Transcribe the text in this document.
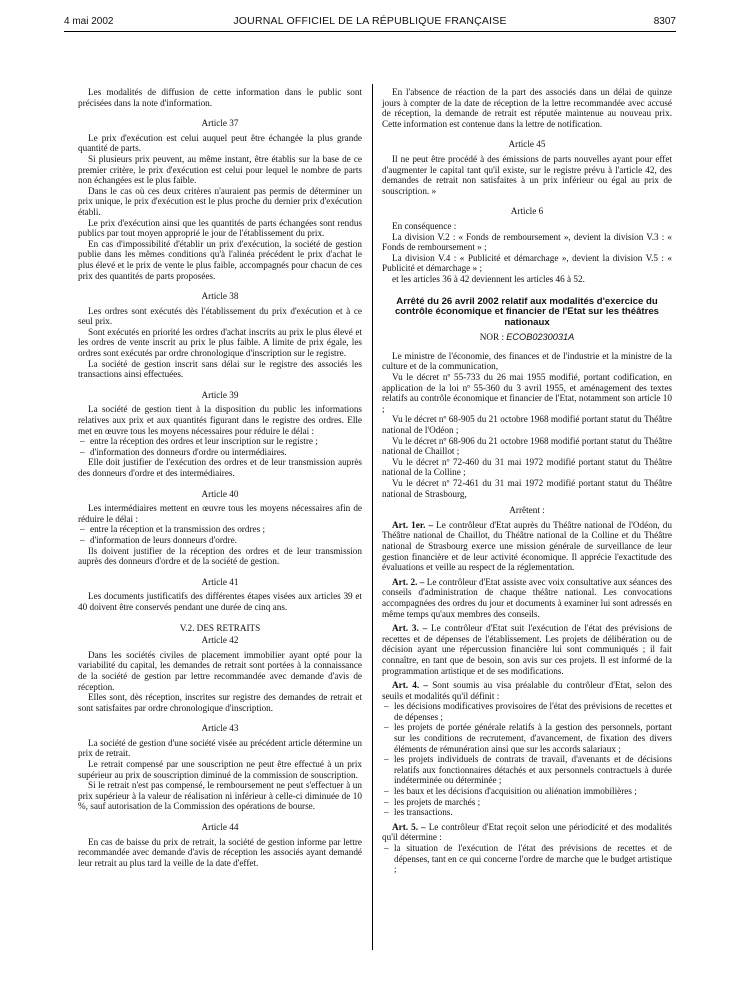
4 mai 2002	JOURNAL OFFICIEL DE LA RÉPUBLIQUE FRANÇAISE	8307

Les modalités de diffusion de cette information dans le public sont précisées dans la note d'information.

Article 37

Le prix d'exécution est celui auquel peut être échangée la plus grande quantité de parts.

Si plusieurs prix peuvent, au même instant, être établis sur la base de ce premier critère, le prix d'exécution est celui pour lequel le nombre de parts non échangées est le plus faible.

Dans le cas où ces deux critères n'auraient pas permis de déterminer un prix unique, le prix d'exécution est le plus proche du dernier prix d'exécution établi.

Le prix d'exécution ainsi que les quantités de parts échangées sont rendus publics par tout moyen approprié le jour de l'établissement du prix.

En cas d'impossibilité d'établir un prix d'exécution, la société de gestion publie dans les mêmes conditions qu'à l'alinéa précédent le prix d'achat le plus élevé et le prix de vente le plus faible, accompagnés pour chacun de ces prix des quantités de parts proposées.

Article 38

Les ordres sont exécutés dès l'établissement du prix d'exécution et à ce seul prix.

Sont exécutés en priorité les ordres d'achat inscrits au prix le plus élevé et les ordres de vente inscrit au prix le plus faible. A limite de prix égale, les ordres sont exécutés par ordre chronologique d'inscription sur le registre.

La société de gestion inscrit sans délai sur le registre des associés les transactions ainsi effectuées.

Article 39

La société de gestion tient à la disposition du public les informations relatives aux prix et aux quantités figurant dans le registre des ordres. Elle met en œuvre tous les moyens nécessaires pour réduire le délai :

– entre la réception des ordres et leur inscription sur le registre ;

– d'information des donneurs d'ordre ou intermédiaires.

Elle doit justifier de l'exécution des ordres et de leur transmission auprès des donneurs d'ordre et des intermédiaires.

Article 40

Les intermédiaires mettent en œuvre tous les moyens nécessaires afin de réduire le délai :

– entre la réception et la transmission des ordres ;

– d'information de leurs donneurs d'ordre.

Ils doivent justifier de la réception des ordres et de leur transmission auprès des donneurs d'ordre et de la société de gestion.

Article 41

Les documents justificatifs des différentes étapes visées aux articles 39 et 40 doivent être conservés pendant une durée de cinq ans.

V.2. DES RETRAITS

Article 42

Dans les sociétés civiles de placement immobilier ayant opté pour la variabilité du capital, les demandes de retrait sont portées à la connaissance de la société de gestion par lettre recommandée avec demande d'avis de réception.

Elles sont, dès réception, inscrites sur registre des demandes de retrait et sont satisfaites par ordre chronologique d'inscription.

Article 43

La société de gestion d'une société visée au précédent article détermine un prix de retrait.

Le retrait compensé par une souscription ne peut être effectué à un prix supérieur au prix de souscription diminué de la commission de souscription.

Si le retrait n'est pas compensé, le remboursement ne peut s'effectuer à un prix supérieur à la valeur de réalisation ni inférieur à celle-ci diminuée de 10 %, sauf autorisation de la Commission des opérations de bourse.

Article 44

En cas de baisse du prix de retrait, la société de gestion informe par lettre recommandée avec demande d'avis de réception les associés ayant demandé leur retrait au plus tard la veille de la date d'effet.

En l'absence de réaction de la part des associés dans un délai de quinze jours à compter de la date de réception de la lettre recommandée avec accusé de réception, la demande de retrait est réputée maintenue au nouveau prix. Cette information est contenue dans la lettre de notification.

Article 45

Il ne peut être procédé à des émissions de parts nouvelles ayant pour effet d'augmenter le capital tant qu'il existe, sur le registre prévu à l'article 42, des demandes de retrait non satisfaites à un prix inférieur ou égal au prix de souscription. »

Article 6

En conséquence :

La division V.2 : « Fonds de remboursement », devient la division V.3 : « Fonds de remboursement » ;

La division V.4 : « Publicité et démarchage », devient la division V.5 : « Publicité et démarchage » ;

et les articles 36 à 42 deviennent les articles 46 à 52.

Arrêté du 26 avril 2002 relatif aux modalités d'exercice du contrôle économique et financier de l'Etat sur les théâtres nationaux

NOR : ECOB0230031A

Le ministre de l'économie, des finances et de l'industrie et la ministre de la culture et de la communication,

Vu le décret nº 55-733 du 26 mai 1955 modifié, portant codification, en application de la loi nº 55-360 du 3 avril 1955, et aménagement des textes relatifs au contrôle économique et financier de l'Etat, notamment son article 10 ;

Vu le décret nº 68-905 du 21 octobre 1968 modifié portant statut du Théâtre national de l'Odéon ;

Vu le décret nº 68-906 du 21 octobre 1968 modifié portant statut du Théâtre national de Chaillot ;

Vu le décret nº 72-460 du 31 mai 1972 modifié portant statut du Théâtre national de la Colline ;

Vu le décret nº 72-461 du 31 mai 1972 modifié portant statut du Théâtre national de Strasbourg,

Arrêtent :

Art. 1er. – Le contrôleur d'Etat auprès du Théâtre national de l'Odéon, du Théâtre national de Chaillot, du Théâtre national de la Colline et du Théâtre national de Strasbourg exerce une mission générale de surveillance de leur gestion financière et de leur activité économique. Il apprécie l'exactitude des évaluations et veille au respect de la réglementation.

Art. 2. – Le contrôleur d'Etat assiste avec voix consultative aux séances des conseils d'administration de chaque théâtre national. Les convocations accompagnées des ordres du jour et documents à examiner lui sont adressés en même temps qu'aux membres des conseils.

Art. 3. – Le contrôleur d'Etat suit l'exécution de l'état des prévisions de recettes et de dépenses de l'établissement. Les projets de délibération ou de décision ayant une répercussion financière lui sont communiqués ; il fait connaître, en tant que de besoin, son avis sur ces projets. Il est informé de la programmation artistique et de ses modifications.

Art. 4. – Sont soumis au visa préalable du contrôleur d'Etat, selon des seuils et modalités qu'il définit :

– les décisions modificatives provisoires de l'état des prévisions de recettes et de dépenses ;

– les projets de portée générale relatifs à la gestion des personnels, portant sur les conditions de recrutement, d'avancement, de fixation des divers éléments de rémunération ainsi que sur les accords salariaux ;

– les projets individuels de contrats de travail, d'avenants et de décisions relatifs aux fonctionnaires détachés et aux personnels contractuels à durée indéterminée ou déterminée ;

– les baux et les décisions d'acquisition ou aliénation immobilières ;

– les projets de marchés ;

– les transactions.

Art. 5. – Le contrôleur d'Etat reçoit selon une périodicité et des modalités qu'il détermine :

– la situation de l'exécution de l'état des prévisions de recettes et de dépenses, tant en ce qui concerne l'ordre de marche que le budget artistique ;
